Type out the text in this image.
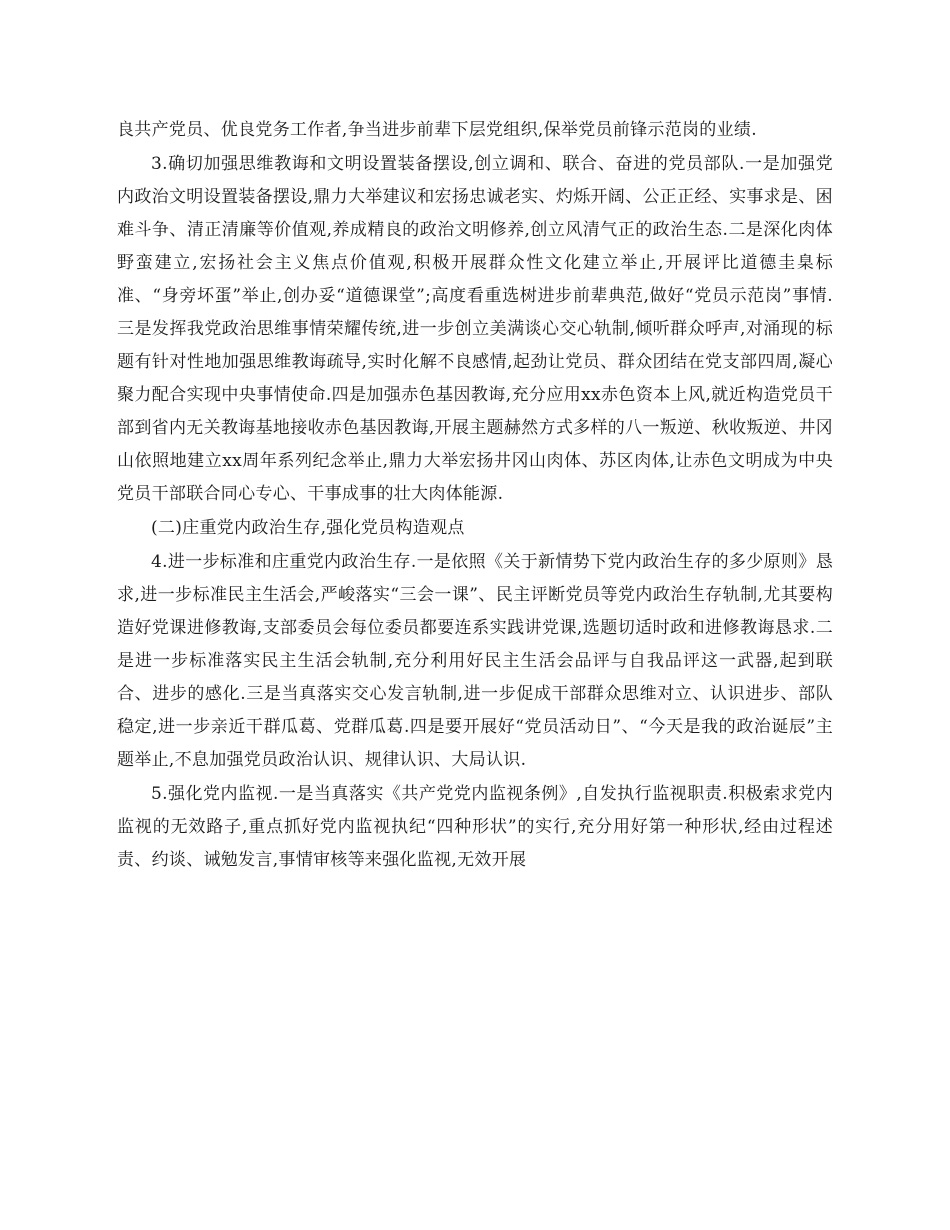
良共产党员、优良党务工作者,争当进步前辈下层党组织,保举党员前锋示范岗的业绩.

3.确切加强思维教诲和文明设置装备摆设,创立调和、联合、奋进的党员部队.一是加强党内政治文明设置装备摆设,鼎力大举建议和宏扬忠诚老实、灼烁开阔、公正正经、实事求是、困难斗争、清正清廉等价值观,养成精良的政治文明修养,创立风清气正的政治生态.二是深化肉体野蛮建立,宏扬社会主义焦点价值观,积极开展群众性文化建立举止,开展评比道德圭臬标准、“身旁坏蛋”举止,创办妥“道德课堂”;高度看重选树进步前辈典范,做好“党员示范岗”事情.三是发挥我党政治思维事情荣耀传统,进一步创立美满谈心交心轨制,倾听群众呼声,对涌现的标题有针对性地加强思维教诲疏导,实时化解不良感情,起劲让党员、群众团结在党支部四周,凝心聚力配合实现中央事情使命.四是加强赤色基因教诲,充分应用xx赤色资本上风,就近构造党员干部到省内无关教诲基地接收赤色基因教诲,开展主题赫然方式多样的八一叛逆、秋收叛逆、井冈山依照地建立xx周年系列纪念举止,鼎力大举宏扬井冈山肉体、苏区肉体,让赤色文明成为中央党员干部联合同心专心、干事成事的壮大肉体能源.

(二)庄重党内政治生存,强化党员构造观点

4.进一步标准和庄重党内政治生存.一是依照《关于新情势下党内政治生存的多少原则》恳求,进一步标准民主生活会,严峻落实“三会一课”、民主评断党员等党内政治生存轨制,尤其要构造好党课进修教诲,支部委员会每位委员都要连系实践讲党课,选题切适时政和进修教诲恳求.二是进一步标准落实民主生活会轨制,充分利用好民主生活会品评与自我品评这一武器,起到联合、进步的感化.三是当真落实交心发言轨制,进一步促成干部群众思维对立、认识进步、部队稳定,进一步亲近干群瓜葛、党群瓜葛.四是要开展好“党员活动日”、“今天是我的政治诞辰”主题举止,不息加强党员政治认识、规律认识、大局认识.

5.强化党内监视.一是当真落实《共产党党内监视条例》,自发执行监视职责.积极索求党内监视的无效路子,重点抓好党内监视执纪“四种形状”的实行,充分用好第一种形状,经由过程述责、约谈、诫勉发言,事情审核等来强化监视,无效开展
